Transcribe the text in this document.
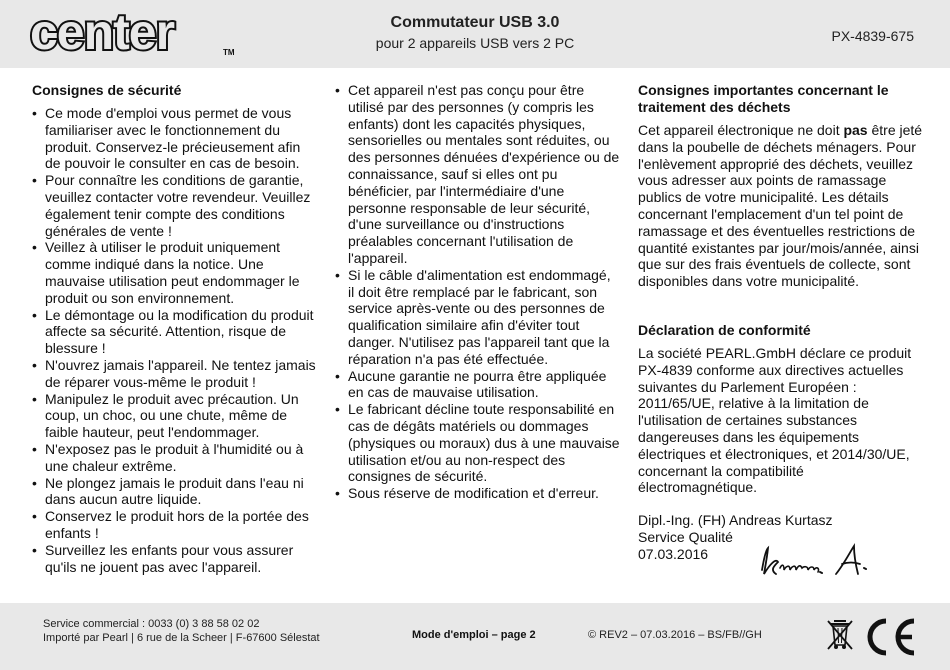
center	TM
Commutateur USB 3.0
pour 2 appareils USB vers 2 PC	PX-4839-675
Consignes de sécurité
• Ce mode d'emploi vous permet de vous familiariser avec le fonctionnement du produit. Conservez-le précieusement afin de pouvoir le consulter en cas de besoin.
• Pour connaître les conditions de garantie, veuillez contacter votre revendeur. Veuillez également tenir compte des conditions générales de vente !
• Veillez à utiliser le produit uniquement comme indiqué dans la notice. Une mauvaise utilisation peut endommager le produit ou son environnement.
• Le démontage ou la modification du produit affecte sa sécurité. Attention, risque de blessure !
• N'ouvrez jamais l'appareil. Ne tentez jamais de réparer vous-même le produit !
• Manipulez le produit avec précaution. Un coup, un choc, ou une chute, même de faible hauteur, peut l'endommager.
• N'exposez pas le produit à l'humidité ou à une chaleur extrême.
• Ne plongez jamais le produit dans l'eau ni dans aucun autre liquide.
• Conservez le produit hors de la portée des enfants !
• Surveillez les enfants pour vous assurer qu'ils ne jouent pas avec l'appareil.
• Cet appareil n'est pas conçu pour être utilisé par des personnes (y compris les enfants) dont les capacités physiques, sensorielles ou mentales sont réduites, ou des personnes dénuées d'expérience ou de connaissance, sauf si elles ont pu bénéficier, par l'intermédiaire d'une personne responsable de leur sécurité, d'une surveillance ou d'instructions préalables concernant l'utilisation de l'appareil.
• Si le câble d'alimentation est endommagé, il doit être remplacé par le fabricant, son service après-vente ou des personnes de qualification similaire afin d'éviter tout danger. N'utilisez pas l'appareil tant que la réparation n'a pas été effectuée.
• Aucune garantie ne pourra être appliquée en cas de mauvaise utilisation.
• Le fabricant décline toute responsabilité en cas de dégâts matériels ou dommages (physiques ou moraux) dus à une mauvaise utilisation et/ou au non-respect des consignes de sécurité.
• Sous réserve de modification et d'erreur.
Consignes importantes concernant le traitement des déchets

Cet appareil électronique ne doit pas être jeté dans la poubelle de déchets ménagers. Pour l'enlèvement approprié des déchets, veuillez vous adresser aux points de ramassage publics de votre municipalité. Les détails concernant l'emplacement d'un tel point de ramassage et des éventuelles restrictions de quantité existantes par jour/mois/année, ainsi que sur des frais éventuels de collecte, sont disponibles dans votre municipalité.

Déclaration de conformité

La société PEARL.GmbH déclare ce produit PX-4839 conforme aux directives actuelles suivantes du Parlement Européen : 2011/65/UE, relative à la limitation de l'utilisation de certaines substances dangereuses dans les équipements électriques et électroniques, et 2014/30/UE, concernant la compatibilité électromagnétique.

Dipl.-Ing. (FH) Andreas Kurtasz

Service Qualité

07.03.2016

Service commercial : 0033 (0) 3 88 58 02 02
Importé par Pearl | 6 rue de la Scheer | F-67600 Sélestat	Mode d'emploi – page 2	© REV2 – 07.03.2016 – BS/FB//GH
